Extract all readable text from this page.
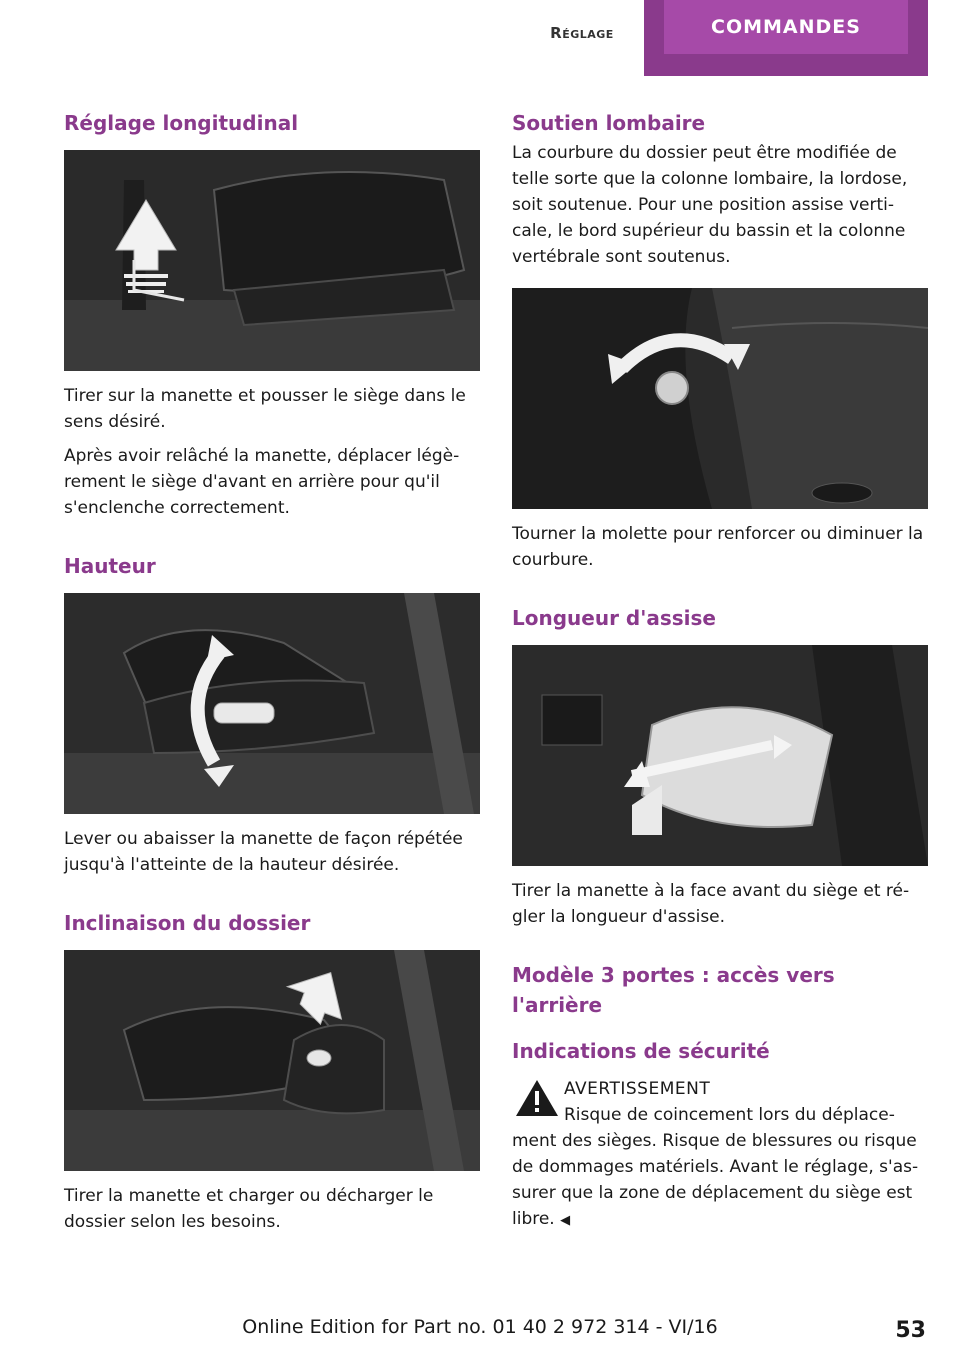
Réglage	COMMANDES
Réglage longitudinal

Tirer sur la manette et pousser le siège dans le sens désiré.

Après avoir relâché la manette, déplacer légè‐ rement le siège d'avant en arrière pour qu'il s'enclenche correctement.

Hauteur

Lever ou abaisser la manette de façon répétée jusqu'à l'atteinte de la hauteur désirée.

Inclinaison du dossier

Tirer la manette et charger ou décharger le dossier selon les besoins.

Soutien lombaire

La courbure du dossier peut être modifiée de telle sorte que la colonne lombaire, la lordose, soit soutenue. Pour une position assise verti‐ cale, le bord supérieur du bassin et la colonne vertébrale sont soutenus.

Tourner la molette pour renforcer ou diminuer la courbure.

Longueur d'assise

Tirer la manette à la face avant du siège et ré‐ gler la longueur d'assise.

Modèle 3 portes : accès vers l'arrière
Indications de sécurité
AVERTISSEMENT

Risque de coincement lors du déplace‐ ment des sièges. Risque de blessures ou risque de dommages matériels. Avant le réglage, s'as‐ surer que la zone de déplacement du siège est libre. ◀

Online Edition for Part no. 01 40 2 972 314 - VI/16	53
